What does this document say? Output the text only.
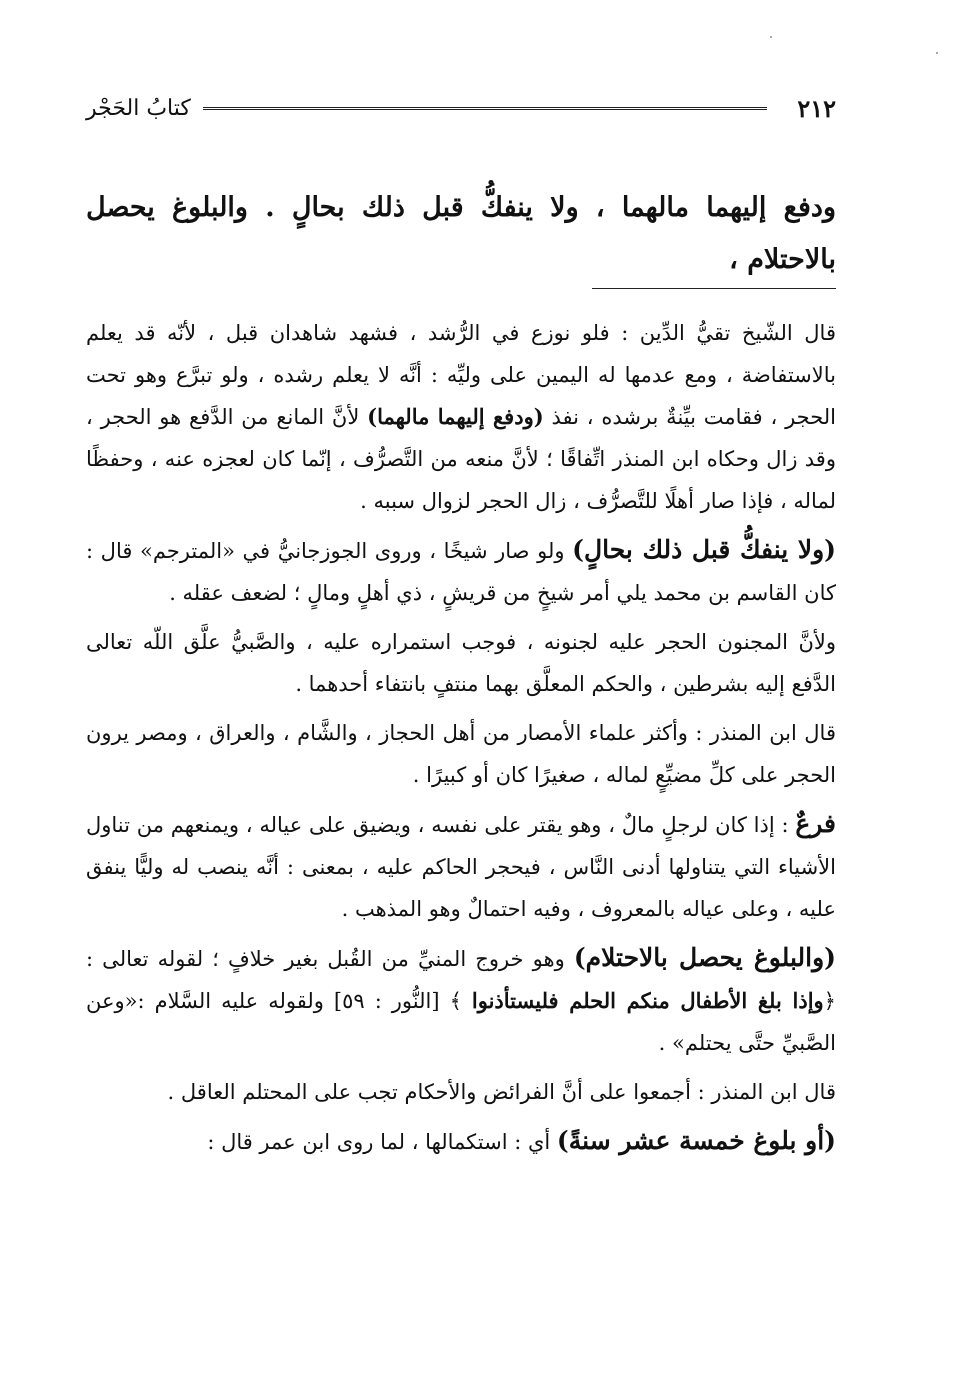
٢١٢
كتابُ الحَجْر
ودفع إليهما مالهما ، ولا ينفكُّ قبل ذلك بحالٍ . والبلوغ يحصل بالاحتلام ،

قال الشّيخ تقيُّ الدِّين : فلو نوزع في الرُّشد ، فشهد شاهدان قبل ، لأنّه قد يعلم بالاستفاضة ، ومع عدمها له اليمين على وليِّه : أنَّه لا يعلم رشده ، ولو تبرَّع وهو تحت الحجر ، فقامت بيِّنةٌ برشده ، نفذ (ودفع إليهما مالهما) لأنَّ المانع من الدَّفع هو الحجر ، وقد زال وحكاه ابن المنذر اتِّفاقًا ؛ لأنَّ منعه من التَّصرُّف ، إنّما كان لعجزه عنه ، وحفظًا لماله ، فإذا صار أهلًا للتَّصرُّف ، زال الحجر لزوال سببه .

(ولا ينفكُّ قبل ذلك بحالٍ) ولو صار شيخًا ، وروى الجوزجانيُّ في «المترجم» قال : كان القاسم بن محمد يلي أمر شيخٍ من قريشٍ ، ذي أهلٍ ومالٍ ؛ لضعف عقله .

ولأنَّ المجنون الحجر عليه لجنونه ، فوجب استمراره عليه ، والصَّبيُّ علَّق اللّه تعالى الدَّفع إليه بشرطين ، والحكم المعلَّق بهما منتفٍ بانتفاء أحدهما .

قال ابن المنذر : وأكثر علماء الأمصار من أهل الحجاز ، والشَّام ، والعراق ، ومصر يرون الحجر على كلِّ مضيِّعٍ لماله ، صغيرًا كان أو كبيرًا .

فرعٌ : إذا كان لرجلٍ مالٌ ، وهو يقتر على نفسه ، ويضيق على عياله ، ويمنعهم من تناول الأشياء التي يتناولها أدنى النَّاس ، فيحجر الحاكم عليه ، بمعنى : أنَّه ينصب له وليًّا ينفق عليه ، وعلى عياله بالمعروف ، وفيه احتمالٌ وهو المذهب .

(والبلوغ يحصل بالاحتلام) وهو خروج المنيِّ من القُبل بغير خلافٍ ؛ لقوله تعالى : ﴿وإذا بلغ الأطفال منكم الحلم فليستأذنوا ﴾ [النُّور : ٥٩] ولقوله عليه السَّلام :«وعن الصَّبيِّ حتَّى يحتلم» .

قال ابن المنذر : أجمعوا على أنَّ الفرائض والأحكام تجب على المحتلم العاقل .

(أو بلوغ خمسة عشر سنةً) أي : استكمالها ، لما روى ابن عمر قال :
